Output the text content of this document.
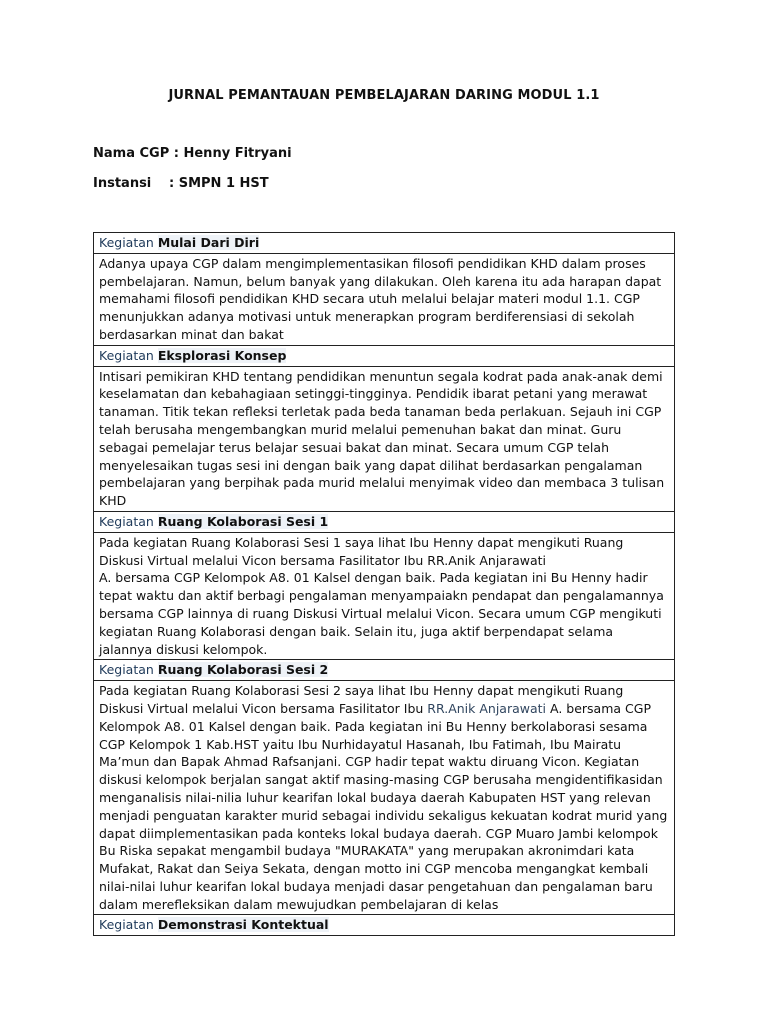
JURNAL PEMANTAUAN PEMBELAJARAN DARING MODUL 1.1
Nama CGP : Henny Fitryani
Instansi : SMPN 1 HST
Kegiatan Mulai Dari Diri

Adanya upaya CGP dalam mengimplementasikan filosofi pendidikan KHD dalam proses pembelajaran. Namun, belum banyak yang dilakukan. Oleh karena itu ada harapan dapat memahami filosofi pendidikan KHD secara utuh melalui belajar materi modul 1.1. CGP menunjukkan adanya motivasi untuk menerapkan program berdiferensiasi di sekolah berdasarkan minat dan bakat

Kegiatan Eksplorasi Konsep

Intisari pemikiran KHD tentang pendidikan menuntun segala kodrat pada anak-anak demi keselamatan dan kebahagiaan setinggi-tingginya. Pendidik ibarat petani yang merawat tanaman. Titik tekan refleksi terletak pada beda tanaman beda perlakuan. Sejauh ini CGP telah berusaha mengembangkan murid melalui pemenuhan bakat dan minat. Guru sebagai pemelajar terus belajar sesuai bakat dan minat. Secara umum CGP telah menyelesaikan tugas sesi ini dengan baik yang dapat dilihat berdasarkan pengalaman pembelajaran yang berpihak pada murid melalui menyimak video dan membaca 3 tulisan KHD

Kegiatan Ruang Kolaborasi Sesi 1

Pada kegiatan Ruang Kolaborasi Sesi 1 saya lihat Ibu Henny dapat mengikuti Ruang Diskusi Virtual melalui Vicon bersama Fasilitator Ibu RR.Anik Anjarawati

A. bersama CGP Kelompok A8. 01 Kalsel dengan baik. Pada kegiatan ini Bu Henny hadir tepat waktu dan aktif berbagi pengalaman menyampaiakn pendapat dan pengalamannya bersama CGP lainnya di ruang Diskusi Virtual melalui Vicon. Secara umum CGP mengikuti kegiatan Ruang Kolaborasi dengan baik. Selain itu, juga aktif berpendapat selama jalannya diskusi kelompok.

Kegiatan Ruang Kolaborasi Sesi 2

Pada kegiatan Ruang Kolaborasi Sesi 2 saya lihat Ibu Henny dapat mengikuti Ruang Diskusi Virtual melalui Vicon bersama Fasilitator Ibu RR.Anik Anjarawati A. bersama CGP Kelompok A8. 01 Kalsel dengan baik. Pada kegiatan ini Bu Henny berkolaborasi sesama CGP Kelompok 1 Kab.HST yaitu Ibu Nurhidayatul Hasanah, Ibu Fatimah, Ibu Mairatu Ma’mun dan Bapak Ahmad Rafsanjani. CGP hadir tepat waktu diruang Vicon. Kegiatan diskusi kelompok berjalan sangat aktif masing-masing CGP berusaha mengidentifikasidan menganalisis nilai-nilia luhur kearifan lokal budaya daerah Kabupaten HST yang relevan menjadi penguatan karakter murid sebagai individu sekaligus kekuatan kodrat murid yang dapat diimplementasikan pada konteks lokal budaya daerah. CGP Muaro Jambi kelompok Bu Riska sepakat mengambil budaya "MURAKATA" yang merupakan akronimdari kata Mufakat, Rakat dan Seiya Sekata, dengan motto ini CGP mencoba mengangkat kembali nilai-nilai luhur kearifan lokal budaya menjadi dasar pengetahuan dan pengalaman baru dalam merefleksikan dalam mewujudkan pembelajaran di kelas

Kegiatan Demonstrasi Kontektual
